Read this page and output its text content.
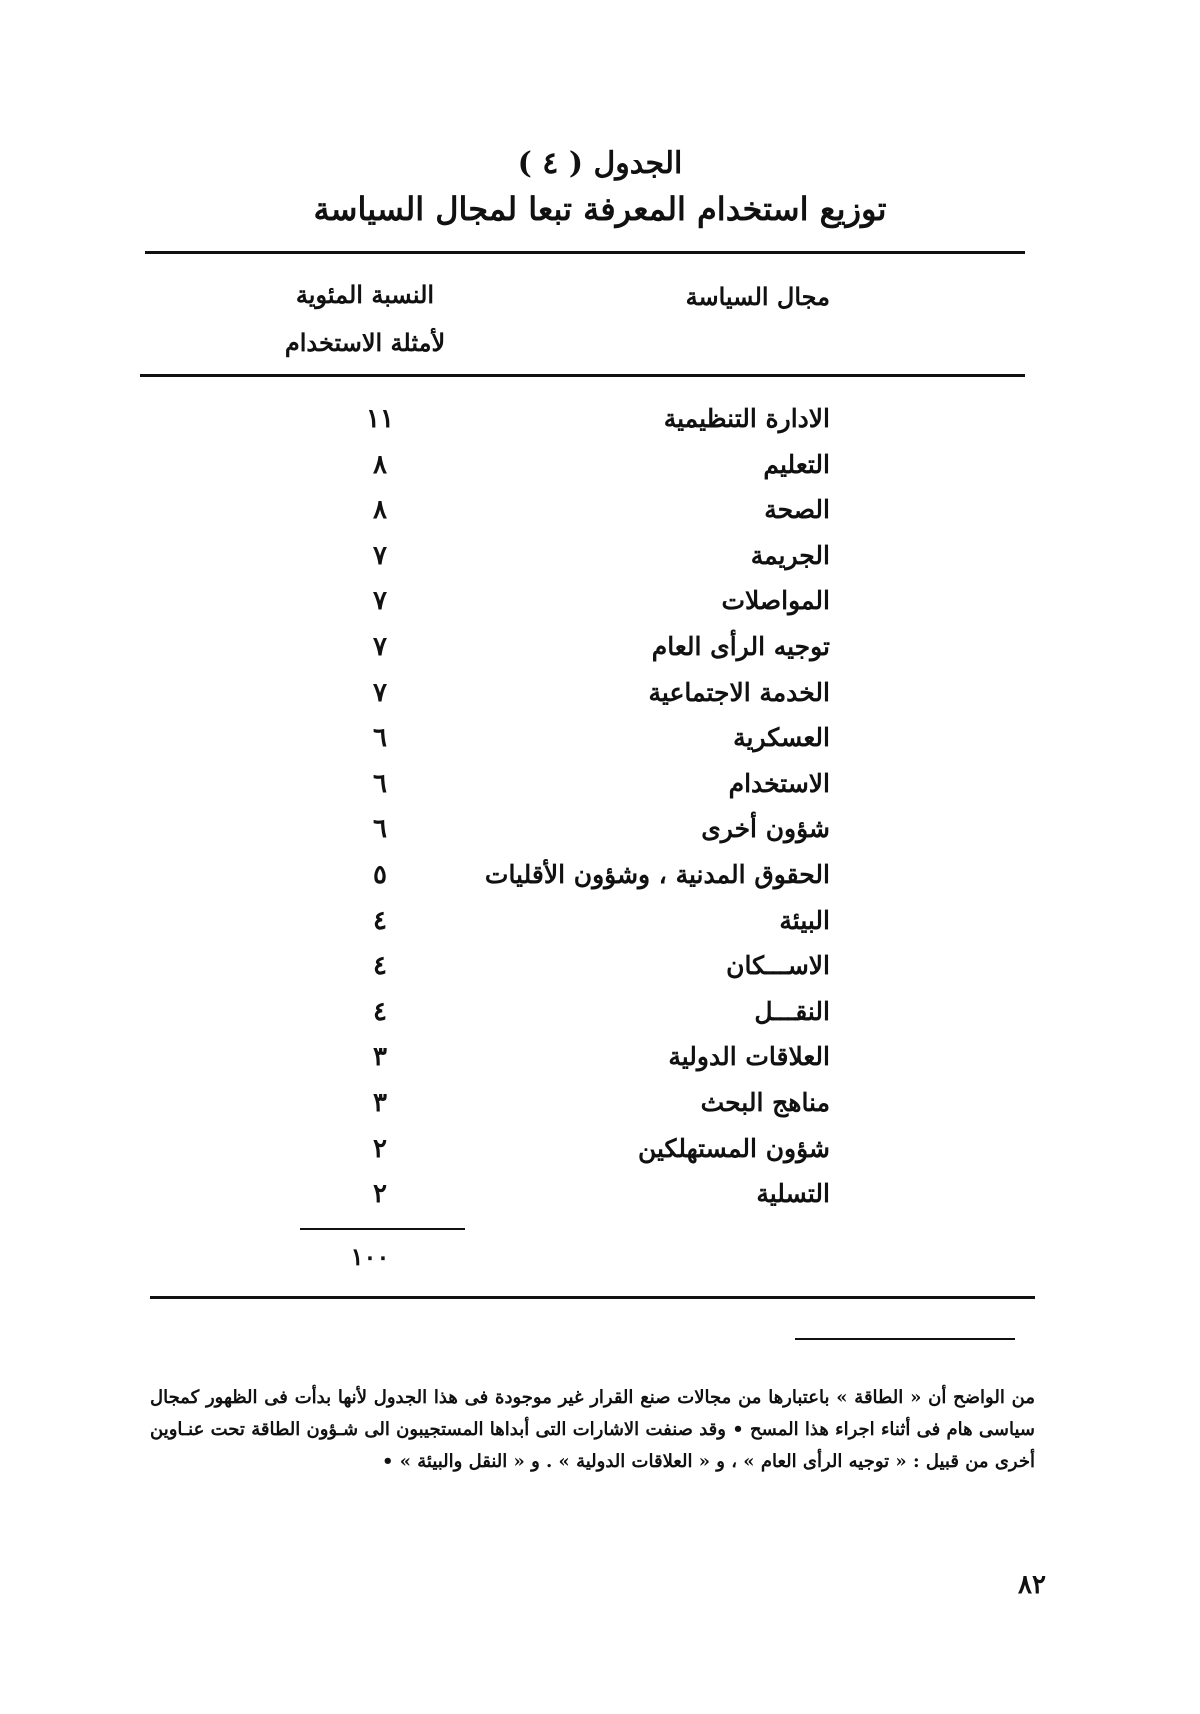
الجدول ( ٤ )
توزيع استخدام المعرفة تبعا لمجال السياسة
مجال السياسة
النسبة المئوية
لأمثلة الاستخدام
الادارة التنظيمية
١١
التعليم
٨
الصحة
٨
الجريمة
٧
المواصلات
٧
توجيه الرأى العام
٧
الخدمة الاجتماعية
٧
العسكرية
٦
الاستخدام
٦
شؤون أخرى
٦
الحقوق المدنية ، وشؤون الأقليات
٥
البيئة
٤
الاســـكان
٤
النقـــل
٤
العلاقات الدولية
٣
مناهج البحث
٣
شؤون المستهلكين
٢
التسلية
٢
١٠٠
من الواضح أن « الطاقة » باعتبارها من مجالات صنع القرار غير موجودة فى هذا الجدول لأنها بدأت فى الظهور كمجال سياسى هام فى أثناء اجراء هذا المسح • وقد صنفت الاشارات التى أبداها المستجيبون الى شـؤون الطاقة تحت عنـاوين أخرى من قبيل : « توجيه الرأى العام » ، و « العلاقات الدولية » . و « النقل والبيئة » •
٨٢
